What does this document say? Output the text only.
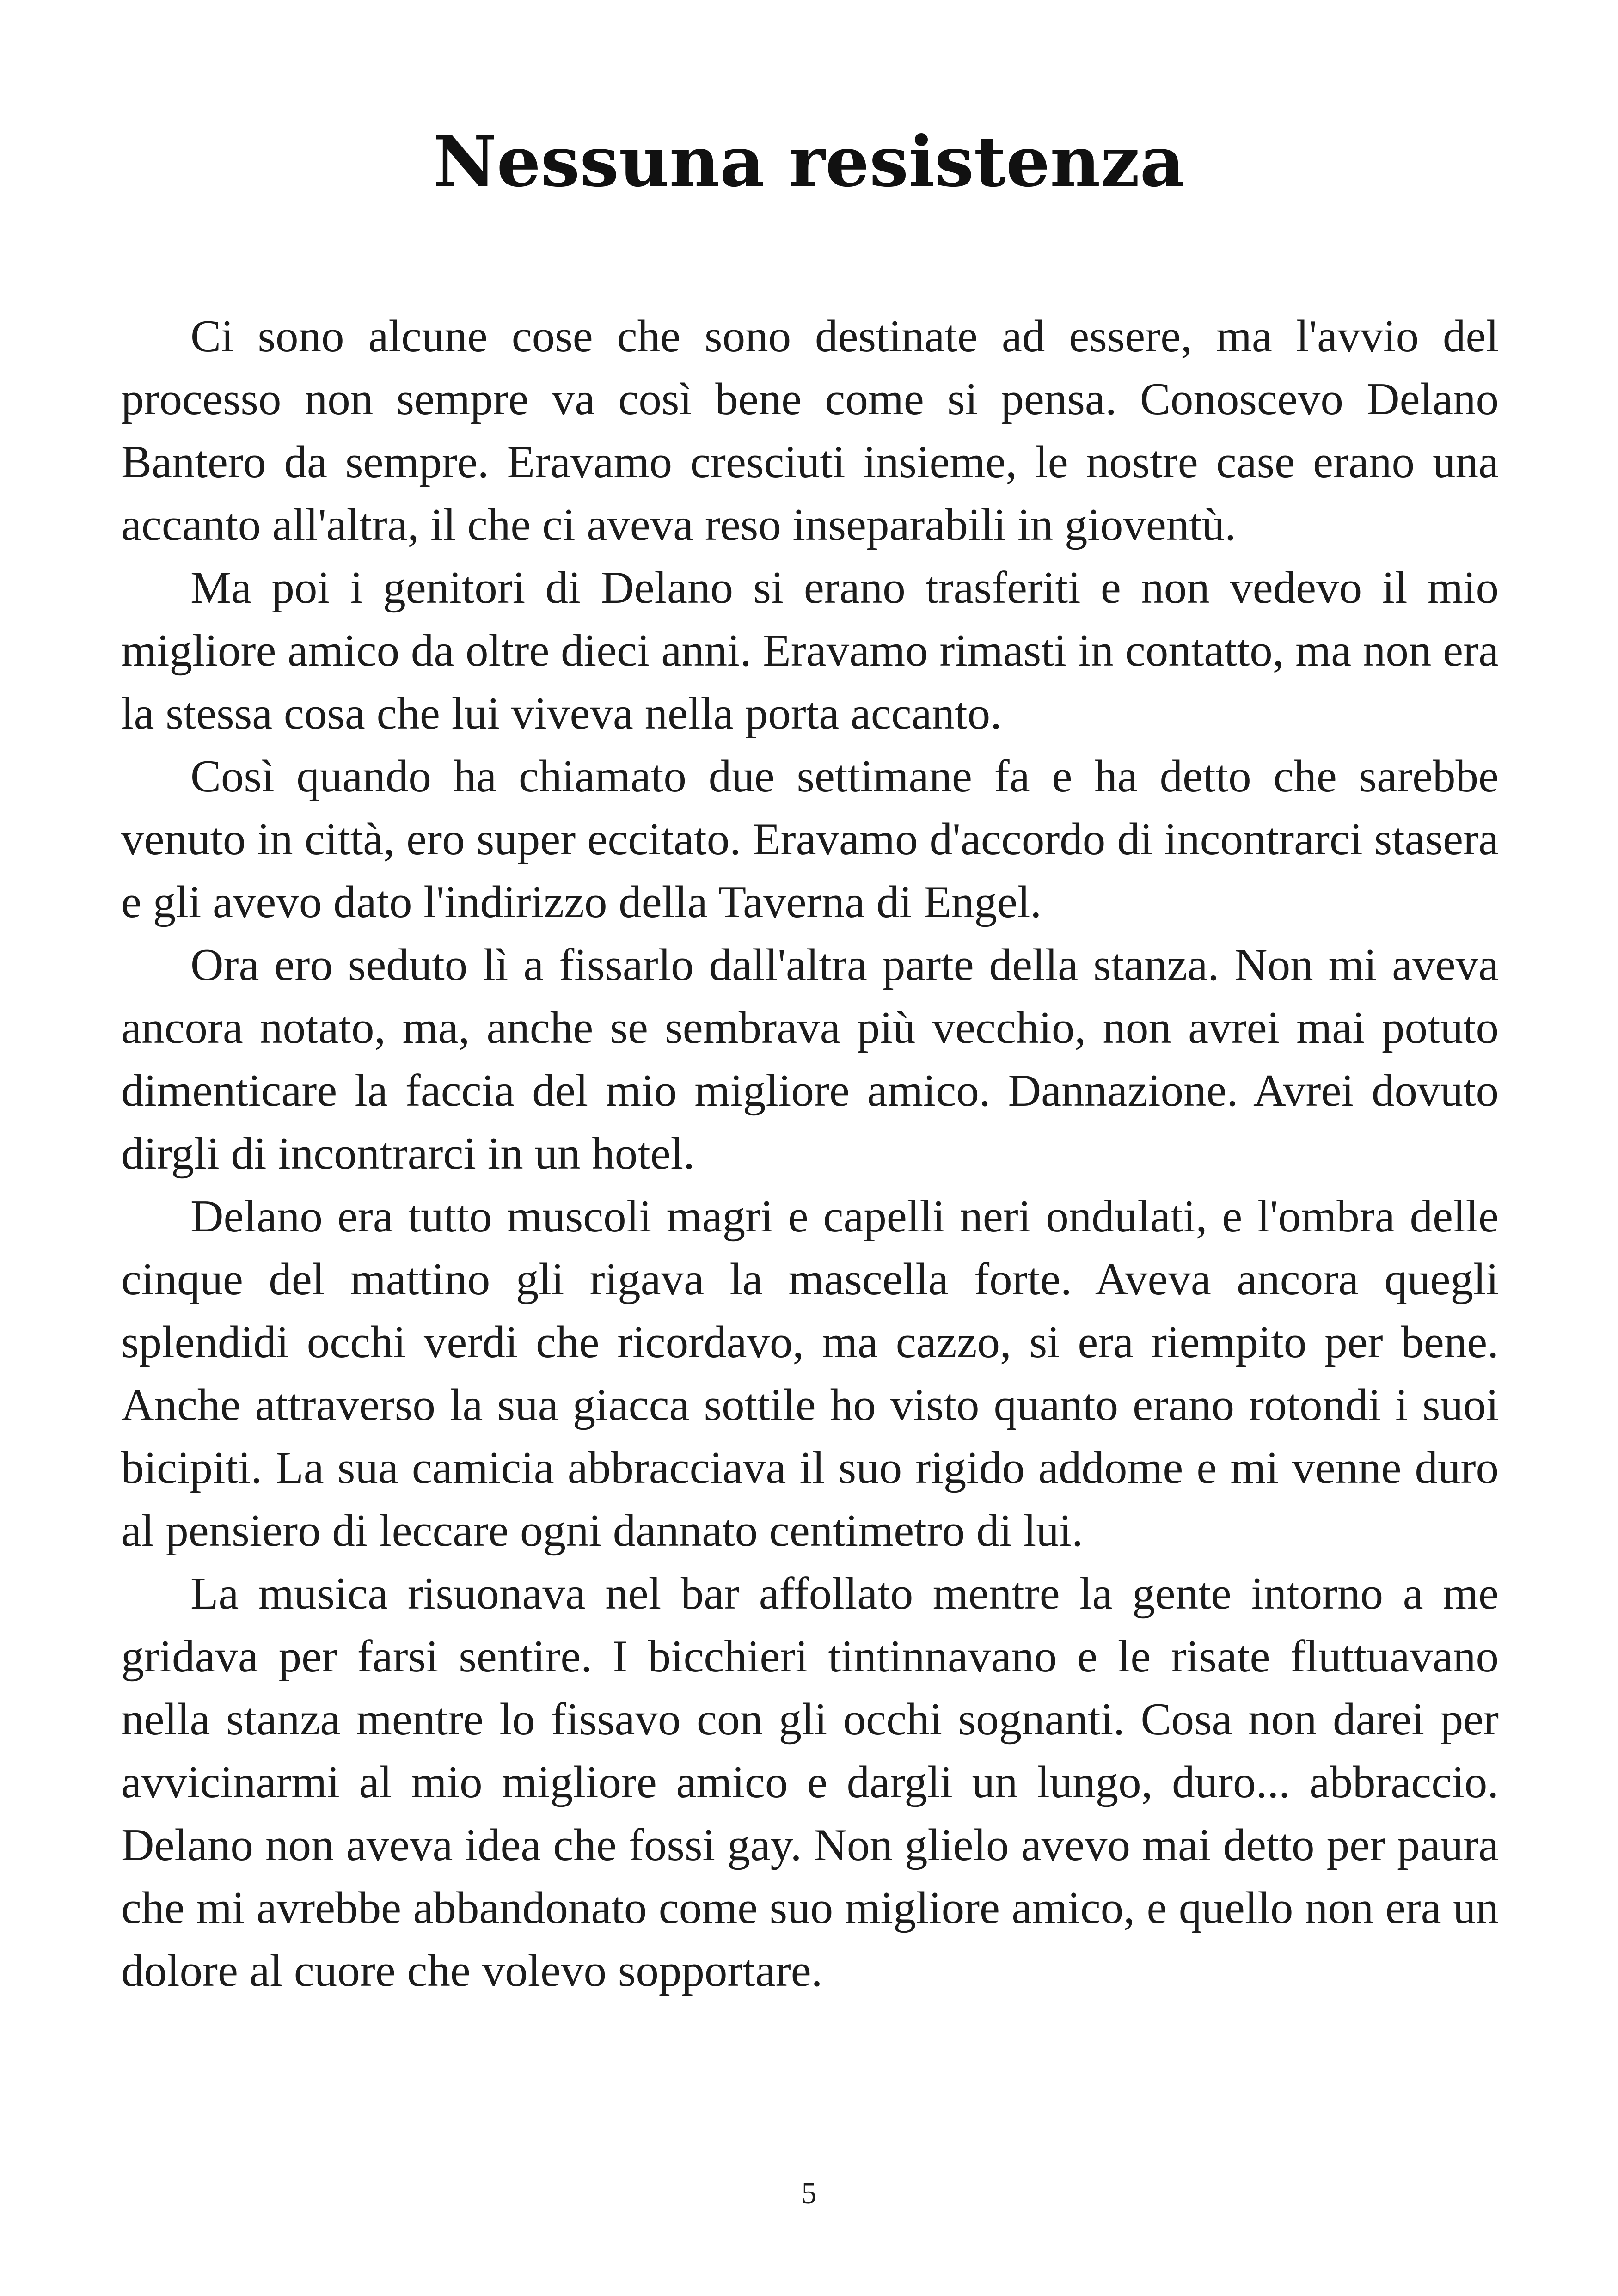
Nessuna resistenza

Ci sono alcune cose che sono destinate ad essere, ma l'avvio del processo non sempre va così bene come si pensa. Conoscevo Delano Bantero da sempre. Eravamo cresciuti insieme, le nostre case erano una accanto all'altra, il che ci aveva reso inseparabili in gioventù.

Ma poi i genitori di Delano si erano trasferiti e non vedevo il mio migliore amico da oltre dieci anni. Eravamo rimasti in contatto, ma non era la stessa cosa che lui viveva nella porta accanto.

Così quando ha chiamato due settimane fa e ha detto che sarebbe venuto in città, ero super eccitato. Eravamo d'accordo di incontrarci stasera e gli avevo dato l'indirizzo della Taverna di Engel.

Ora ero seduto lì a fissarlo dall'altra parte della stanza. Non mi aveva ancora notato, ma, anche se sembrava più vecchio, non avrei mai potuto dimenticare la faccia del mio migliore amico. Dannazione. Avrei dovuto dirgli di incontrarci in un hotel.

Delano era tutto muscoli magri e capelli neri ondulati, e l'ombra delle cinque del mattino gli rigava la mascella forte. Aveva ancora quegli splendidi occhi verdi che ricordavo, ma cazzo, si era riempito per bene. Anche attraverso la sua giacca sottile ho visto quanto erano rotondi i suoi bicipiti. La sua camicia abbracciava il suo rigido addome e mi venne duro al pensiero di leccare ogni dannato centimetro di lui.

La musica risuonava nel bar affollato mentre la gente intorno a me gridava per farsi sentire. I bicchieri tintinnavano e le risate fluttuavano nella stanza mentre lo fissavo con gli occhi sognanti. Cosa non darei per avvicinarmi al mio migliore amico e dargli un lungo, duro... abbraccio. Delano non aveva idea che fossi gay. Non glielo avevo mai detto per paura che mi avrebbe abbandonato come suo migliore amico, e quello non era un dolore al cuore che volevo sopportare.

5
